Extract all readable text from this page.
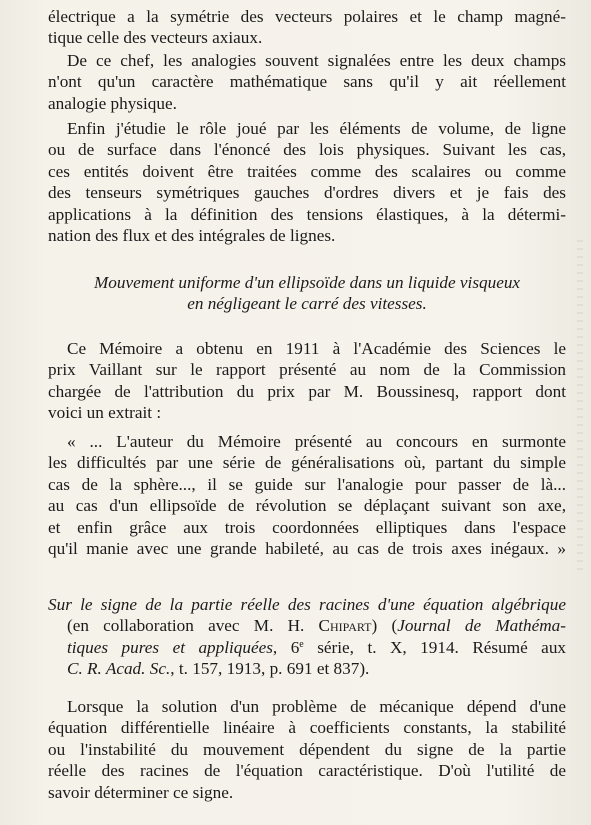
électrique a la symétrie des vecteurs polaires et le champ magné-
tique celle des vecteurs axiaux.
De ce chef, les analogies souvent signalées entre les deux champs
n'ont qu'un caractère mathématique sans qu'il y ait réellement
analogie physique.
Enfin j'étudie le rôle joué par les éléments de volume, de ligne
ou de surface dans l'énoncé des lois physiques. Suivant les cas,
ces entités doivent être traitées comme des scalaires ou comme
des tenseurs symétriques gauches d'ordres divers et je fais des
applications à la définition des tensions élastiques, à la détermi-
nation des flux et des intégrales de lignes.
Mouvement uniforme d'un ellipsoïde dans un liquide visqueux
en négligeant le carré des vitesses.
Ce Mémoire a obtenu en 1911 à l'Académie des Sciences le
prix Vaillant sur le rapport présenté au nom de la Commission
chargée de l'attribution du prix par M. Boussinesq, rapport dont
voici un extrait :
« ... L'auteur du Mémoire présenté au concours en surmonte
les difficultés par une série de généralisations où, partant du simple
cas de la sphère..., il se guide sur l'analogie pour passer de là...
au cas d'un ellipsoïde de révolution se déplaçant suivant son axe,
et enfin grâce aux trois coordonnées elliptiques dans l'espace
qu'il manie avec une grande habileté, au cas de trois axes inégaux. »
Sur le signe de la partie réelle des racines d'une équation algébrique
(en collaboration avec M. H. Chipart) (Journal de Mathéma-
tiques pures et appliquées, 6e série, t. X, 1914. Résumé aux
C. R. Acad. Sc., t. 157, 1913, p. 691 et 837).
Lorsque la solution d'un problème de mécanique dépend d'une
équation différentielle linéaire à coefficients constants, la stabilité
ou l'instabilité du mouvement dépendent du signe de la partie
réelle des racines de l'équation caractéristique. D'où l'utilité de
savoir déterminer ce signe.
